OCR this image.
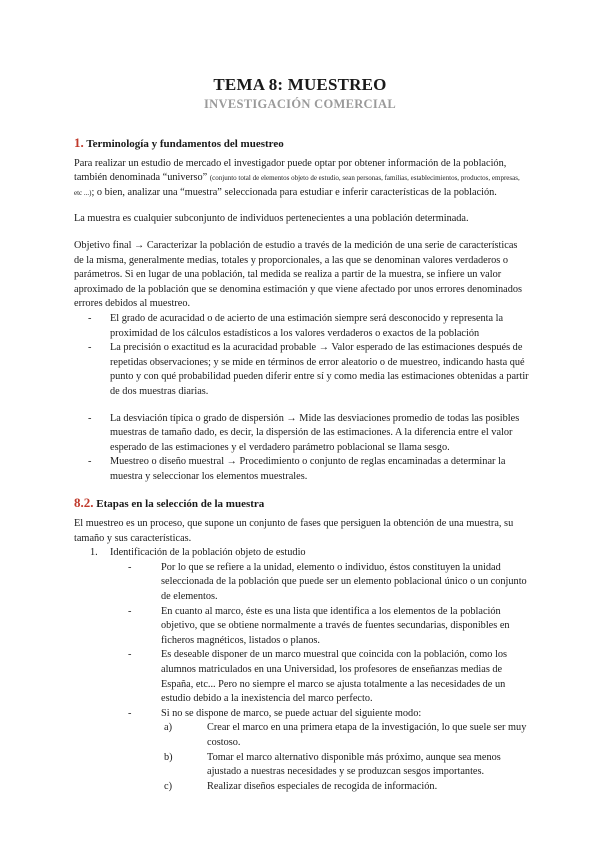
TEMA 8: MUESTREO
INVESTIGACIÓN COMERCIAL
1. Terminología y fundamentos del muestreo

Para realizar un estudio de mercado el investigador puede optar por obtener información de la población, también denominada “universo” (conjunto total de elementos objeto de estudio, sean personas, familias, establecimientos, productos, empresas, etc ...); o bien, analizar una “muestra” seleccionada para estudiar e inferir características de la población.

La muestra es cualquier subconjunto de individuos pertenecientes a una población determinada.

Objetivo final → Caracterizar la población de estudio a través de la medición de una serie de características de la misma, generalmente medias, totales y proporcionales, a las que se denominan valores verdaderos o parámetros. Si en lugar de una población, tal medida se realiza a partir de la muestra, se infiere un valor aproximado de la población que se denomina estimación y que viene afectado por unos errores denominados errores debidos al muestreo.

- El grado de acuracidad o de acierto de una estimación siempre será desconocido y representa la proximidad de los cálculos estadísticos a los valores verdaderos o exactos de la población
- La precisión o exactitud es la acuracidad probable → Valor esperado de las estimaciones después de repetidas observaciones; y se mide en términos de error aleatorio o de muestreo, indicando hasta qué punto y con qué probabilidad pueden diferir entre sí y como media las estimaciones obtenidas a partir de dos muestras diarias.
- La desviación típica o grado de dispersión → Mide las desviaciones promedio de todas las posibles muestras de tamaño dado, es decir, la dispersión de las estimaciones. A la diferencia entre el valor esperado de las estimaciones y el verdadero parámetro poblacional se llama sesgo.
- Muestreo o diseño muestral → Procedimiento o conjunto de reglas encaminadas a determinar la muestra y seleccionar los elementos muestrales.
8.2. Etapas en la selección de la muestra

El muestreo es un proceso, que supone un conjunto de fases que persiguen la obtención de una muestra, su tamaño y sus características.

1. Identificación de la población objeto de estudio
- Por lo que se refiere a la unidad, elemento o individuo, éstos constituyen la unidad seleccionada de la población que puede ser un elemento poblacional único o un conjunto de elementos.
- En cuanto al marco, éste es una lista que identifica a los elementos de la población objetivo, que se obtiene normalmente a través de fuentes secundarias, disponibles en ficheros magnéticos, listados o planos.
- Es deseable disponer de un marco muestral que coincida con la población, como los alumnos matriculados en una Universidad, los profesores de enseñanzas medias de España, etc... Pero no siempre el marco se ajusta totalmente a las necesidades de un estudio debido a la inexistencia del marco perfecto.
- Si no se dispone de marco, se puede actuar del siguiente modo:
a)	Crear el marco en una primera etapa de la investigación, lo que suele ser muy costoso.
b)	Tomar el marco alternativo disponible más próximo, aunque sea menos ajustado a nuestras necesidades y se produzcan sesgos importantes.
c)	Realizar diseños especiales de recogida de información.
